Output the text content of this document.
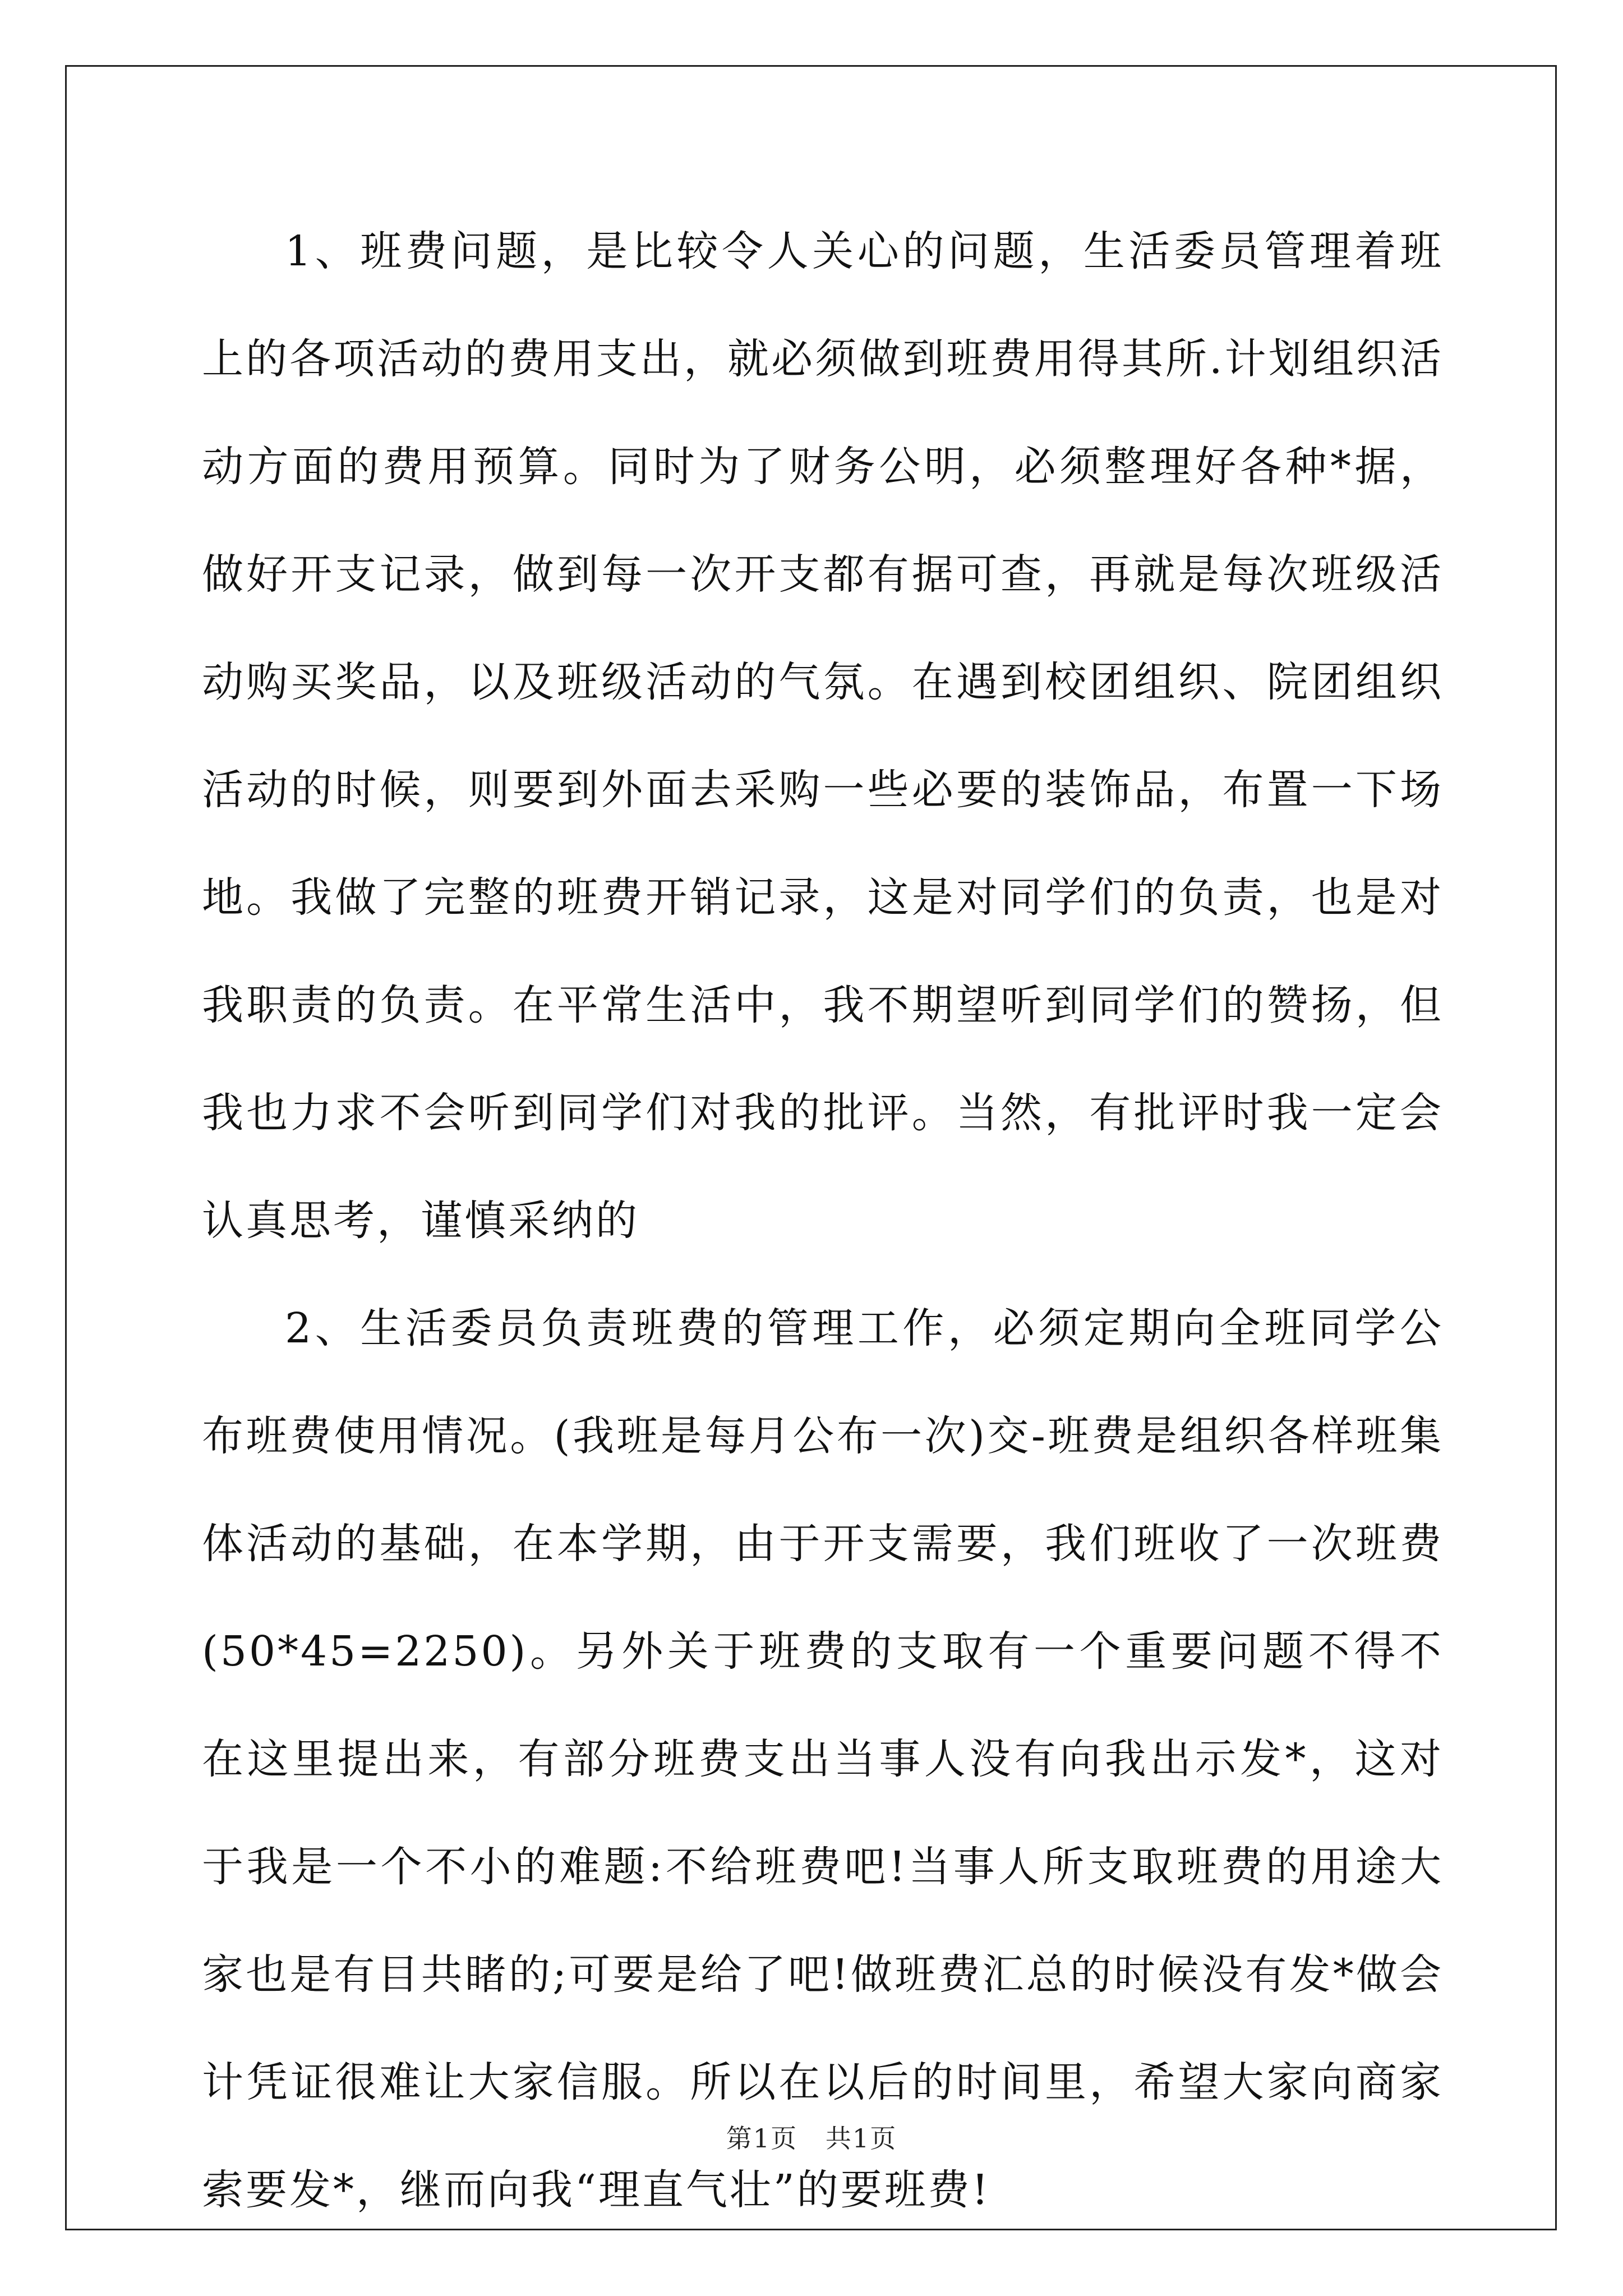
1、班费问题，是比较令人关心的问题，生活委员管理着班上的各项活动的费用支出，就必须做到班费用得其所.计划组织活动方面的费用预算。同时为了财务公明，必须整理好各种*据，做好开支记录，做到每一次开支都有据可查，再就是每次班级活动购买奖品，以及班级活动的气氛。在遇到校团组织、院团组织活动的时候，则要到外面去采购一些必要的装饰品，布置一下场地。我做了完整的班费开销记录，这是对同学们的负责，也是对我职责的负责。在平常生活中，我不期望听到同学们的赞扬，但我也力求不会听到同学们对我的批评。当然，有批评时我一定会认真思考，谨慎采纳的

2、生活委员负责班费的管理工作，必须定期向全班同学公布班费使用情况。(我班是每月公布一次)交-班费是组织各样班集体活动的基础，在本学期，由于开支需要，我们班收了一次班费(50*45=2250)。另外关于班费的支取有一个重要问题不得不在这里提出来，有部分班费支出当事人没有向我出示发*，这对于我是一个不小的难题:不给班费吧!当事人所支取班费的用途大家也是有目共睹的;可要是给了吧!做班费汇总的时候没有发*做会计凭证很难让大家信服。所以在以后的时间里，希望大家向商家索要发*，继而向我“理直气壮”的要班费!

第1页   共1页
